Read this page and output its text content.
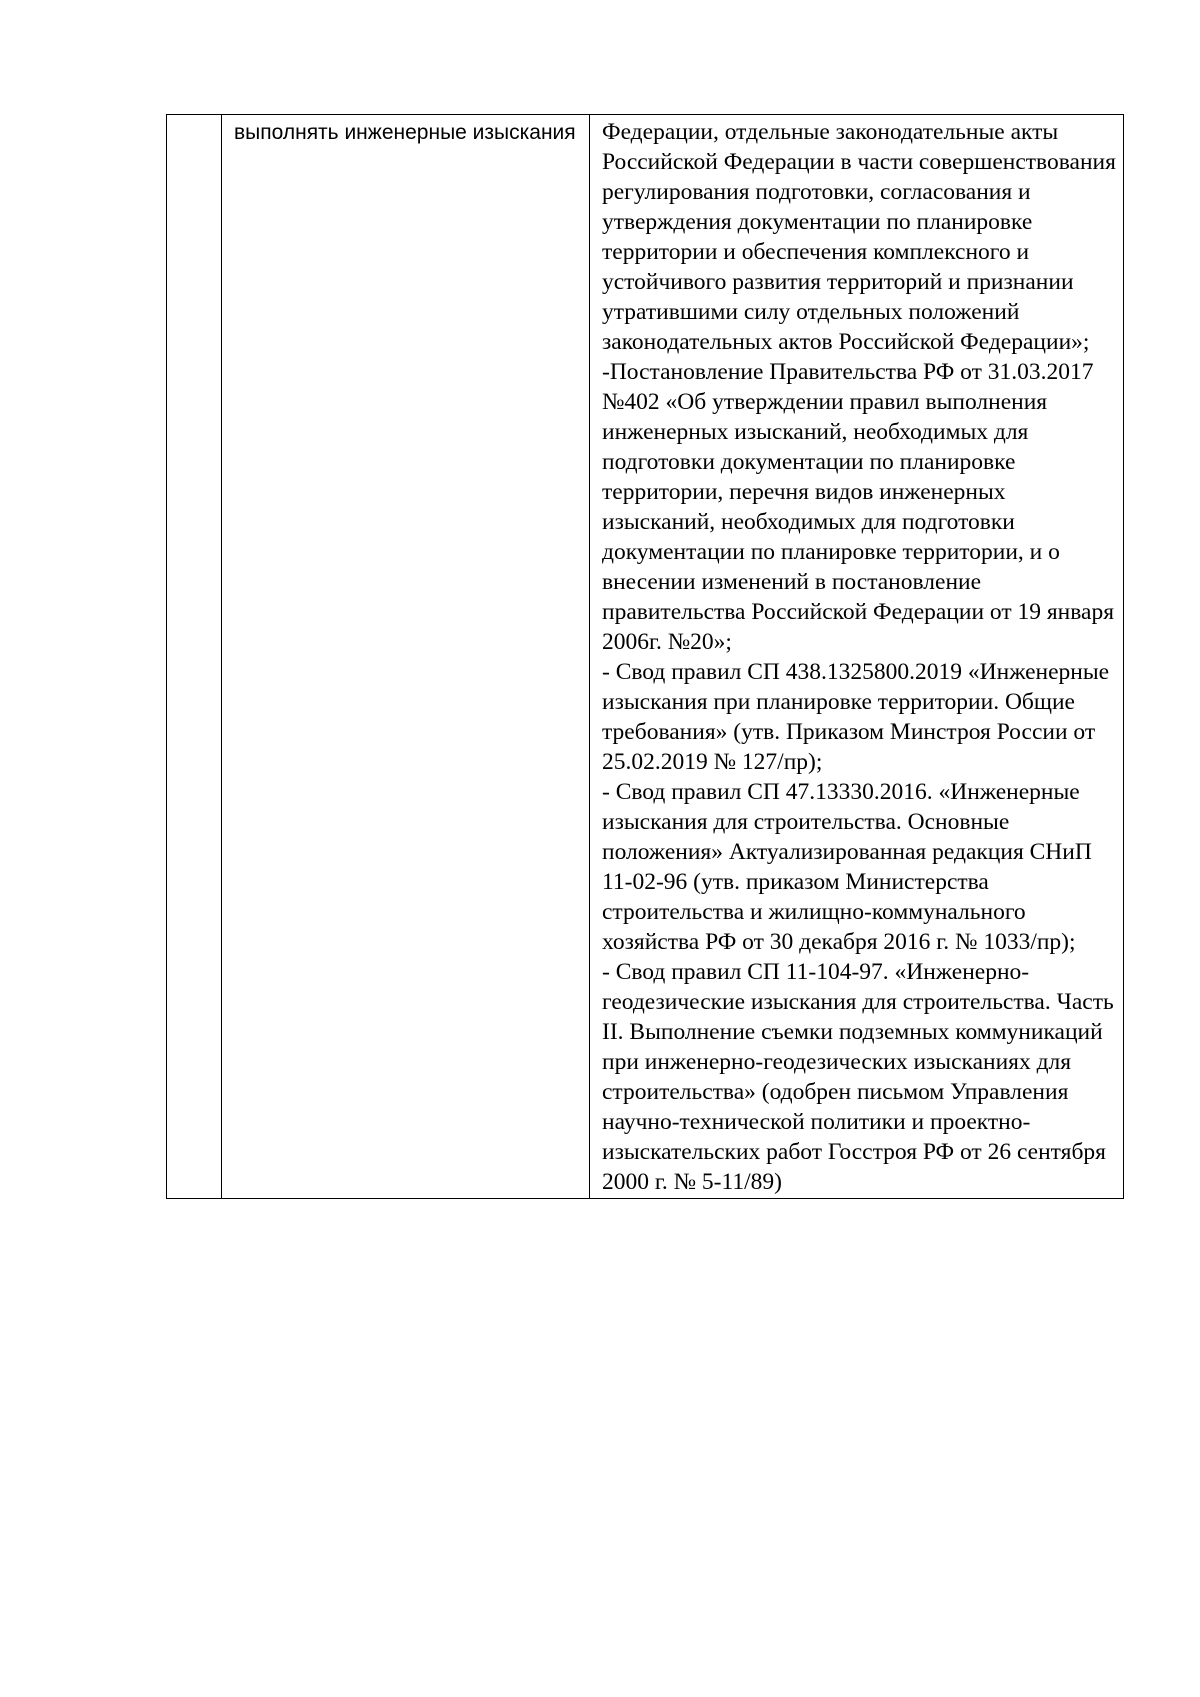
выполнять инженерные изыскания	Федерации, отдельные законодательные акты Российской Федерации в части совершенствования регулирования подготовки, согласования и утверждения документации по планировке территории и обеспечения комплексного и устойчивого развития территорий и признании утратившими силу отдельных положений законодательных актов Российской Федерации»;

-Постановление Правительства РФ от 31.03.2017 №402 «Об утверждении правил выполнения инженерных изысканий, необходимых для подготовки документации по планировке территории, перечня видов инженерных изысканий, необходимых для подготовки документации по планировке территории, и о внесении изменений в постановление правительства Российской Федерации от 19 января 2006г. №20»;

- Свод правил СП 438.1325800.2019 «Инженерные изыскания при планировке территории. Общие требования» (утв. Приказом Минстроя России от 25.02.2019 № 127/пр);

- Свод правил СП 47.13330.2016. «Инженерные изыскания для строительства. Основные положения» Актуализированная редакция СНиП 11-02-96 (утв. приказом Министерства строительства и жилищно-коммунального хозяйства РФ от 30 декабря 2016 г. № 1033/пр);

- Свод правил СП 11-104-97. «Инженерно-геодезические изыскания для строительства. Часть II. Выполнение съемки подземных коммуникаций при инженерно-геодезических изысканиях для строительства» (одобрен письмом Управления научно-технической политики и проектно-изыскательских работ Госстроя РФ от 26 сентября 2000 г. № 5-11/89)
